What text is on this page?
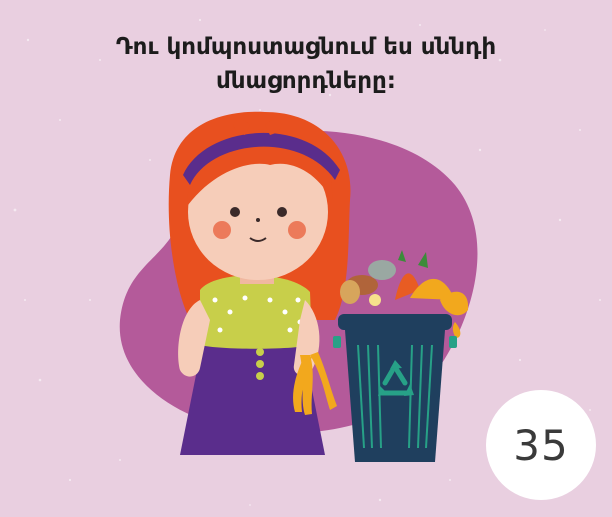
Դու կոմպոստացնում ես սննդի
մնացորդները:
35
